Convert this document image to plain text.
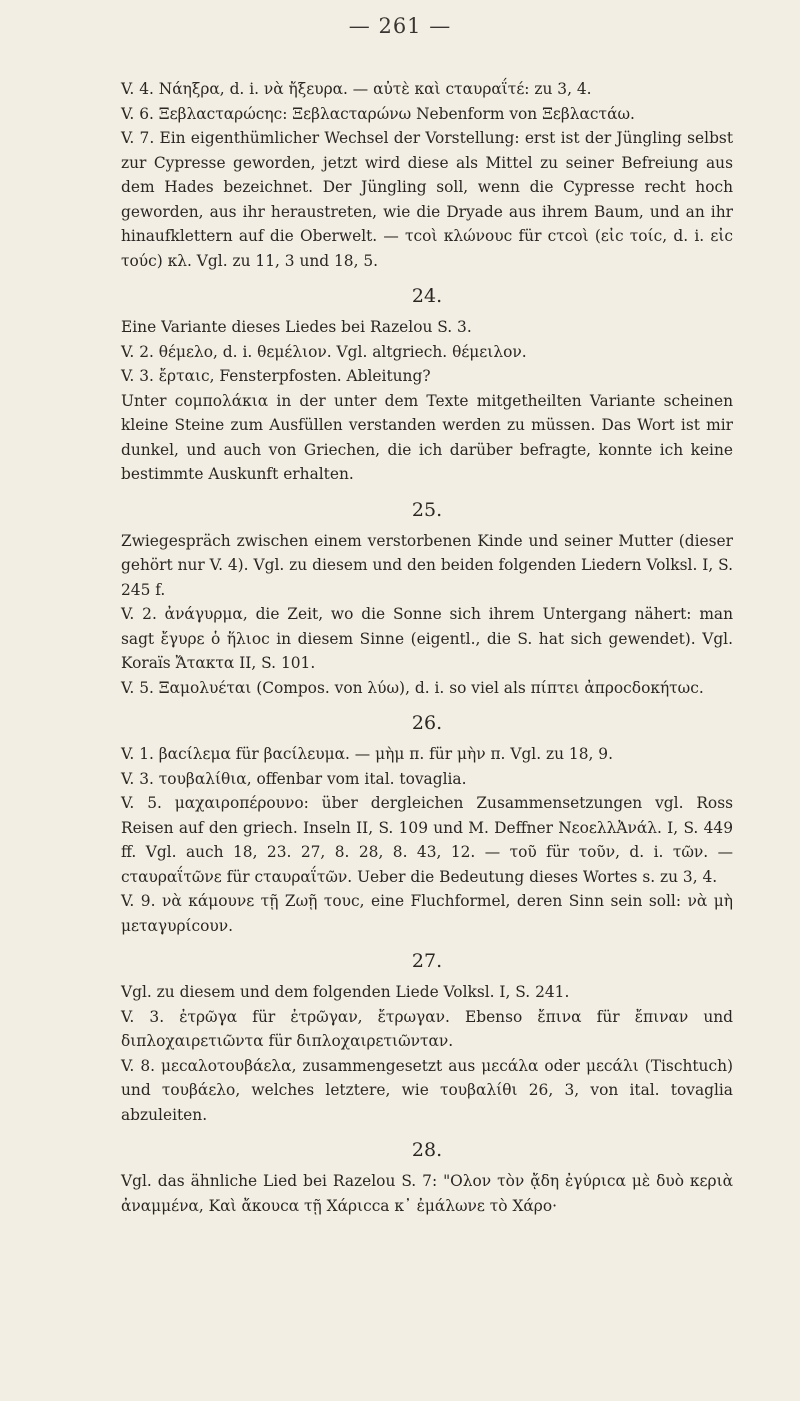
— 261 —

V. 4. Νάηξρα, d. i. νὰ ἤξευρα. — αὐτὲ καὶ cταυραΐτέ: zu 3, 4.

V. 6. Ξεβλαcταρώcηc: Ξεβλαcταρώνω Nebenform von Ξεβλαcτάω.

V. 7. Ein eigenthümlicher Wechsel der Vorstellung: erst ist der Jüngling selbst zur Cypresse geworden, jetzt wird diese als Mittel zu seiner Befreiung aus dem Hades bezeichnet. Der Jüngling soll, wenn die Cypresse recht hoch geworden, aus ihr heraustreten, wie die Dryade aus ihrem Baum, und an ihr hinaufklettern auf die Oberwelt. — τcοὶ κλώνουc für cτcοὶ (εἰc τοίc, d. i. εἰc τούc) κλ. Vgl. zu 11, 3 und 18, 5.

24.

Eine Variante dieses Liedes bei Razelou S. 3.

V. 2. θέμελο, d. i. θεμέλιον. Vgl. altgriech. θέμειλον.

V. 3. ἔρταιc, Fensterpfosten. Ableitung?

Unter coμπολάκια in der unter dem Texte mitgetheilten Variante scheinen kleine Steine zum Ausfüllen verstanden werden zu müssen. Das Wort ist mir dunkel, und auch von Griechen, die ich darüber befragte, konnte ich keine bestimmte Auskunft erhalten.

25.

Zwiegespräch zwischen einem verstorbenen Kinde und seiner Mutter (dieser gehört nur V. 4). Vgl. zu diesem und den beiden folgenden Liedern Volksl. I, S. 245 f.

V. 2. ἀνάγυρμα, die Zeit, wo die Sonne sich ihrem Untergang nähert: man sagt ἔγυρε ὁ ἥλιοc in diesem Sinne (eigentl., die S. hat sich gewendet). Vgl. Koraïs Ἄτακτα II, S. 101.

V. 5. Ξαμολυέται (Compos. von λύω), d. i. so viel als πίπτει ἀπροcδοκήτωc.

26.

V. 1. βαcίλεμα für βαcίλευμα. — μὴμ π. für μὴν π. Vgl. zu 18, 9.

V. 3. τουβαλίθια, offenbar vom ital. tovaglia.

V. 5. μαχαιροπέρουνο: über dergleichen Zusammensetzungen vgl. Ross Reisen auf den griech. Inseln II, S. 109 und M. Deffner ΝεοελλἈνάλ. I, S. 449 ff. Vgl. auch 18, 23. 27, 8. 28, 8. 43, 12. — τοῦ für τοῦν, d. i. τῶν. — cταυραΐτῶνε für cταυραΐτῶν. Ueber die Bedeutung dieses Wortes s. zu 3, 4.

V. 9. νὰ κάμουνε τῇ Ζωῇ τουc, eine Fluchformel, deren Sinn sein soll: νὰ μὴ μεταγυρίcουν.

27.

Vgl. zu diesem und dem folgenden Liede Volksl. I, S. 241.

V. 3. ἐτρῶγα für ἐτρῶγαν, ἔτρωγαν. Ebenso ἔπινα für ἔπιναν und διπλοχαιρετιῶντα für διπλοχαιρετιῶνταν.

V. 8. μεcαλοτουβάελα, zusammengesetzt aus μεcάλα oder μεcάλι (Tischtuch) und τουβάελο, welches letztere, wie τουβαλίθι 26, 3, von ital. tovaglia abzuleiten.

28.

Vgl. das ähnliche Lied bei Razelou S. 7: "Ολον τὸν ᾄδη ἐγύριcα μὲ δυὸ κεριὰ ἀναμμένα, Καὶ ἄκουcα τῇ Χάριcca κ᾿ ἐμάλωνε τὸ Χάρο·
